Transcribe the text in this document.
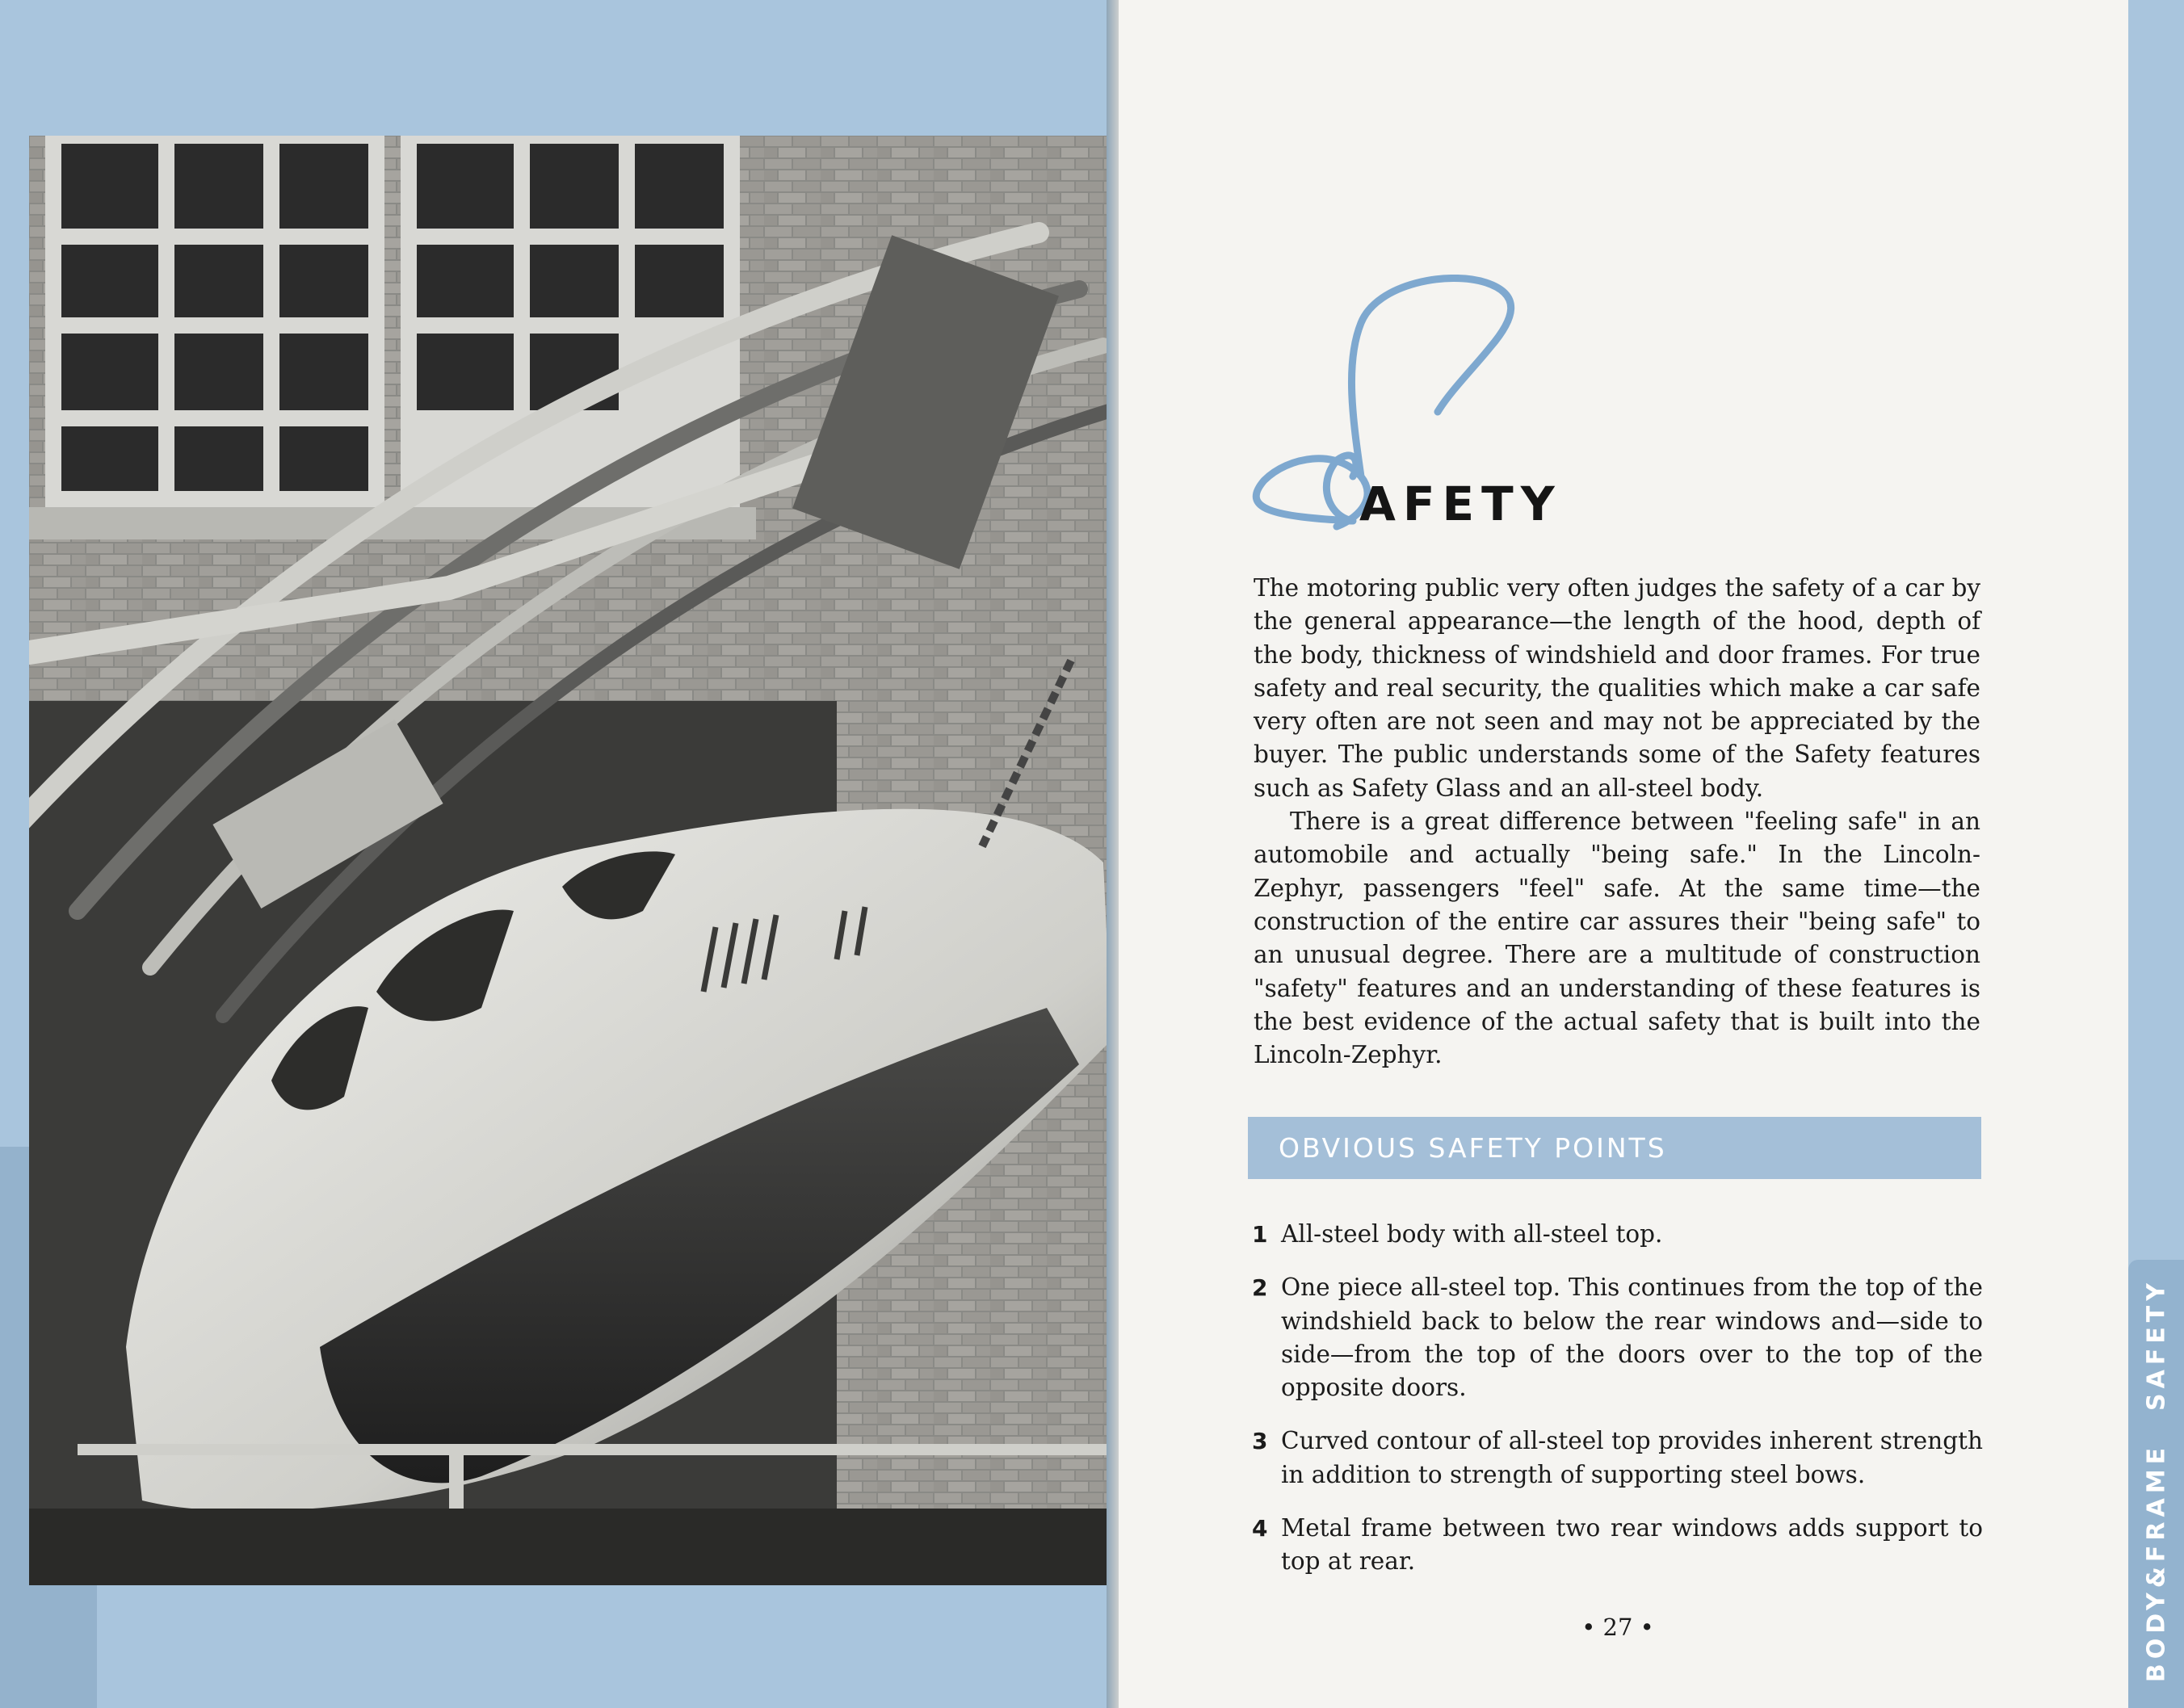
SAFETY
BODY&FRAME
AFETY

The motoring public very often judges the safety of a car by the general appearance—the length of the hood, depth of the body, thickness of windshield and door frames. For true safety and real security, the qualities which make a car safe very often are not seen and may not be appreciated by the buyer. The public understands some of the Safety features such as Safety Glass and an all-steel body.

There is a great difference between "feeling safe" in an automobile and actually "being safe." In the Lincoln-Zephyr, passengers "feel" safe. At the same time—the construction of the entire car assures their "being safe" to an unusual degree. There are a multitude of construction "safety" features and an understanding of these features is the best evidence of the actual safety that is built into the Lincoln-Zephyr.

OBVIOUS SAFETY POINTS
1 All-steel body with all-steel top.
2 One piece all-steel top. This continues from the top of the windshield back to below the rear windows and—side to side—from the top of the doors over to the top of the opposite doors.
3 Curved contour of all-steel top provides inherent strength in addition to strength of supporting steel bows.
4 Metal frame between two rear windows adds support to top at rear.
• 27 •
